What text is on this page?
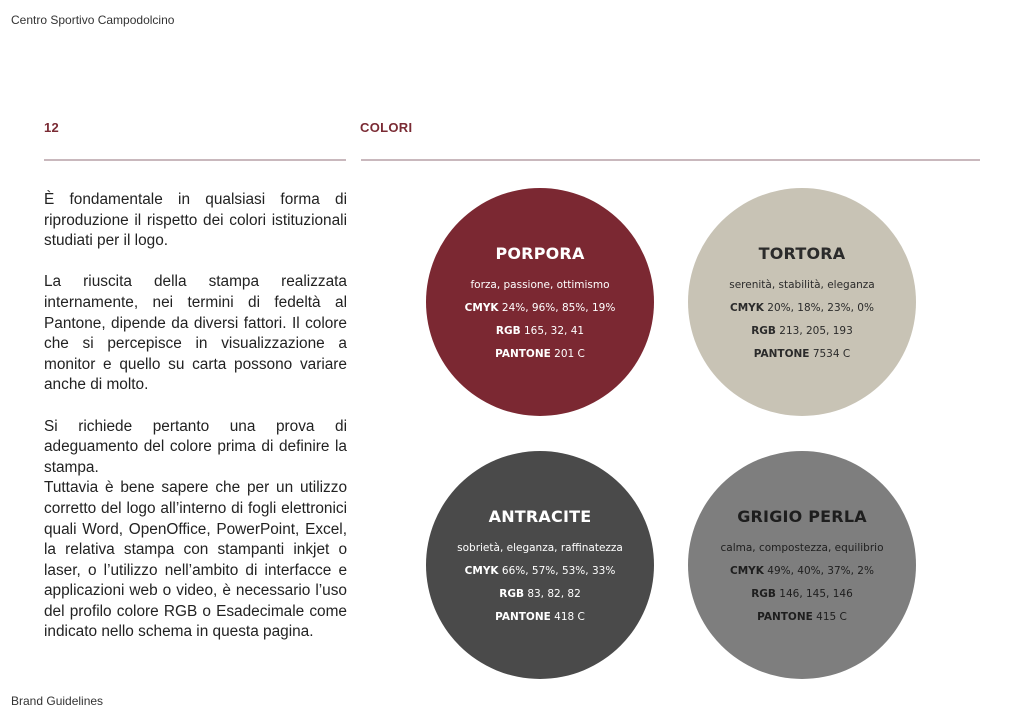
Centro Sportivo Campodolcino
12	COLORI

È fondamentale in qualsiasi forma di riproduzione il rispetto dei colori istituzionali studiati per il logo.

La riuscita della stampa realizzata internamente, nei termini di fedeltà al Pantone, dipende da diversi fattori. Il colore che si percepisce in visualizzazione a monitor e quello su carta possono variare anche di molto.

Si richiede pertanto una prova di adeguamento del colore prima di definire la stampa.

Tuttavia è bene sapere che per un utilizzo corretto del logo all’interno di fogli elettronici quali Word, OpenOffice, PowerPoint, Excel, la relativa stampa con stampanti inkjet o laser, o l’utilizzo nell’ambito di interfacce e applicazioni web o video, è necessario l’uso del profilo colore RGB o Esadecimale come indicato nello schema in questa pagina.

PORPORA
forza, passione, ottimismo
CMYK 24%, 96%, 85%, 19%
RGB 165, 32, 41
PANTONE 201 C
TORTORA
serenità, stabilità, eleganza
CMYK 20%, 18%, 23%, 0%
RGB 213, 205, 193
PANTONE 7534 C
ANTRACITE
sobrietà, eleganza, raffinatezza
CMYK 66%, 57%, 53%, 33%
RGB 83, 82, 82
PANTONE 418 C
GRIGIO PERLA
calma, compostezza, equilibrio
CMYK 49%, 40%, 37%, 2%
RGB 146, 145, 146
PANTONE 415 C
Brand Guidelines
